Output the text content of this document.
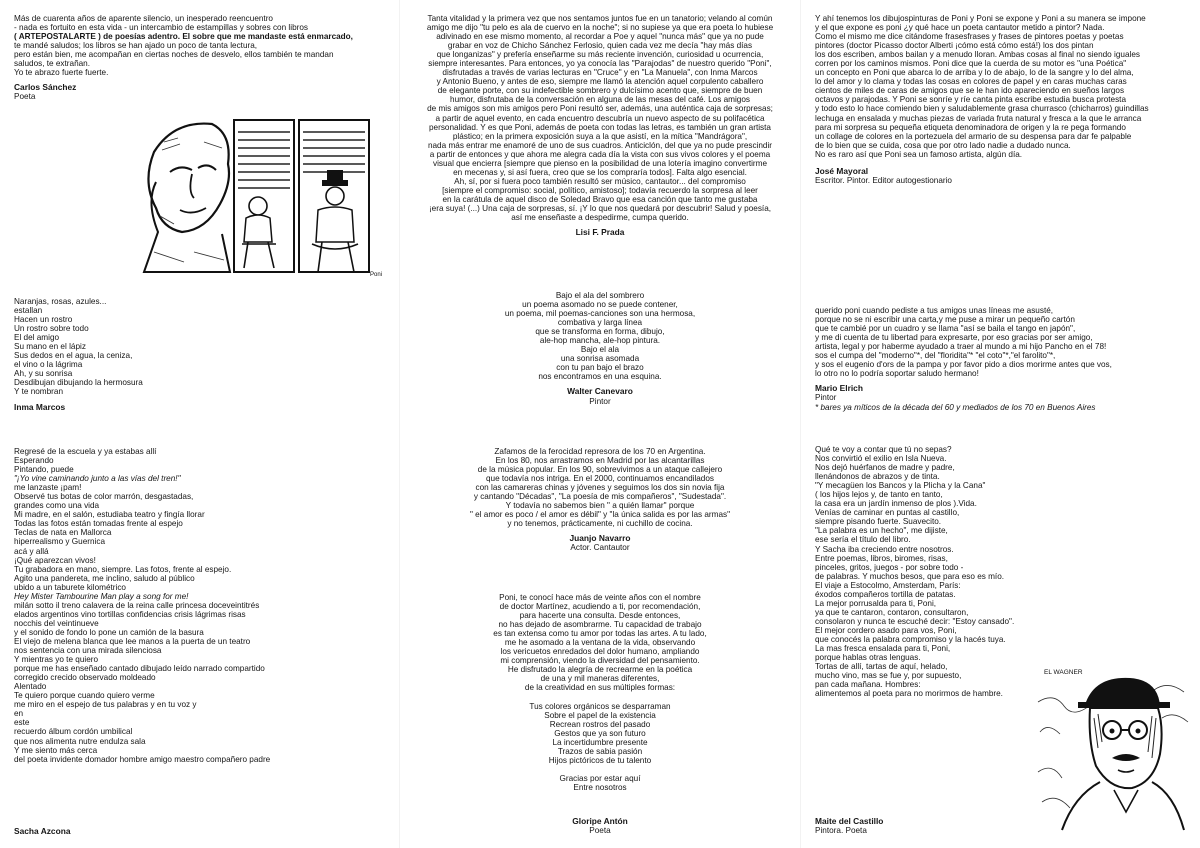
Más de cuarenta años de aparente silencio, un inesperado reencuentro

- nada es fortuito en esta vida - un intercambio de estampillas y sobres con libros

( ARTEPOSTALARTE ) de poesías adentro. El sobre que me mandaste está enmarcado,

te mandé saludos; los libros se han ajado un poco de tanta lectura,

pero están bien, me acompañan en ciertas noches de desvelo, ellos también te mandan

saludos, te extrañan.

Yo te abrazo fuerte fuerte.

Carlos Sánchez

Poeta

Poni

Tanta vitalidad y la primera vez que nos sentamos juntos fue en un tanatorio; velando al común

amigo me dijo "tu pelo es ala de cuervo en la noche"; si no supiese ya que era poeta lo hubiese

adivinado en ese mismo momento, al recordar a Poe y aquel "nunca más" que ya no pude

grabar en voz de Chicho Sánchez Ferlosio, quien cada vez me decía "hay más días

que longanizas" y prefería enseñarme su más reciente invención, curiosidad u ocurrencia,

siempre interesantes. Para entonces, yo ya conocía las "Parajodas" de nuestro querido "Poni",

disfrutadas a través de varias lecturas en "Cruce" y en "La Manuela", con Inma Marcos

y Antonio Bueno, y antes de eso, siempre me llamó la atención aquel corpulento caballero

de elegante porte, con su indefectible sombrero y dulcísimo acento que, siempre de buen

humor, disfrutaba de la conversación en alguna de las mesas del café. Los amigos

de mis amigos son mis amigos pero Poni resultó ser, además, una auténtica caja de sorpresas;

a partir de aquel evento, en cada encuentro descubría un nuevo aspecto de su polifacética

personalidad. Y es que Poni, además de poeta con todas las letras, es también un gran artista

plástico; en la primera exposición suya a la que asistí, en la mítica "Mandrágora",

nada más entrar me enamoré de uno de sus cuadros. Anticiclón, del que ya no pude prescindir

a partir de entonces y que ahora me alegra cada día la vista con sus vivos colores y el poema

visual que encierra [siempre que pienso en la posibilidad de una lotería imagino convertirme

en mecenas y, si así fuera, creo que se los compraría todos]. Falta algo esencial.

Ah, sí, por si fuera poco también resultó ser músico, cantautor... del compromiso

[siempre el compromiso: social, político, amistoso]; todavía recuerdo la sorpresa al leer

en la carátula de aquel disco de Soledad Bravo que esa canción que tanto me gustaba

¡era suya! (...) Una caja de sorpresas, sí. ¡Y lo que nos quedará por descubrir! Salud y poesía,

así me enseñaste a despedirme, cumpa querido.

Lisi F. Prada

Y ahí tenemos los dibujospinturas de Poni y Poni se expone y Poni a su manera se impone

y el que expone es poni ¿y qué hace un poeta cantautor metido a pintor? Nada.

Como el mismo me dice citándome frasesfrases y frases de pintores poetas y poetas

pintores (doctor Picasso doctor Alberti ¡cómo está cómo está!) los dos pintan

los dos escriben, ambos bailan y a menudo lloran. Ambas cosas al final no siendo iguales

corren por los caminos mismos. Poni dice que la cuerda de su motor es "una Poética"

un concepto en Poni que abarca lo de arriba y lo de abajo, lo de la sangre y lo del alma,

lo del amor y lo clama y todas las cosas en colores de papel y en caras muchas caras

cientos de miles de caras de amigos que se le han ido apareciendo en sueños largos

octavos y parajodas. Y Poni se sonríe y ríe canta pinta escribe estudia busca protesta

y todo esto lo hace comiendo bien y saludablemente grasa churrasco (chicharros) guindillas

lechuga en ensalada y muchas piezas de variada fruta natural y fresca a la que le arranca

para mi sorpresa su pequeña etiqueta denominadora de origen y la re pega formando

un collage de colores en la portezuela del armario de su despensa para dar fe palpable

de lo bien que se cuida, cosa que por otro lado nadie a dudado nunca.

No es raro así que Poni sea un famoso artista, algún día.

José Mayoral

Escritor. Pintor. Editor autogestionario

Naranjas, rosas, azules...

estallan

Hacen un rostro

Un rostro sobre todo

El del amigo

Su mano en el lápiz

Sus dedos en el agua, la ceniza,

el vino o la lágrima

Ah, y su sonrisa

Desdibujan dibujando la hermosura

Y te nombran

Inma Marcos

Bajo el ala del sombrero

un poema asomado no se puede contener,

un poema, mil poemas-canciones son una hermosa,

combativa y larga línea

que se transforma en forma, dibujo,

ale-hop mancha, ale-hop pintura.

Bajo el ala

una sonrisa asomada

con tu pan bajo el brazo

nos encontramos en una esquina.

Walter Canevaro

Pintor

querido poni cuando pediste a tus amigos unas líneas me asusté,

porque no se ni escribir una carta,y me puse a mirar un pequeño cartón

que te cambié por un cuadro y se llama "así se baila el tango en japón",

y me di cuenta de tu libertad para expresarte, por eso gracias por ser amigo,

artista, legal y por haberme ayudado a traer al mundo a mi hijo Pancho en el 78!

sos el cumpa del "moderno"*, del "floridita"* "el coto"*,"el farolito"*,

y sos el eugenio d'ors de la pampa y por favor pido a dios morirme antes que vos,

lo otro no lo podría soportar saludo hermano!

Mario Elrich

Pintor

* bares ya míticos de la década del 60 y mediados de los 70 en Buenos Aires

Regresé de la escuela y ya estabas allí

Esperando

Pintando, puede

"¡Yo vine caminando junto a las vías del tren!"

me lanzaste ¡pam!

Observé tus botas de color marrón, desgastadas,

grandes como una vida

Mi madre, en el salón, estudiaba teatro y fingía llorar

Todas las fotos están tomadas frente al espejo

Teclas de nata en Mallorca

hiperrealismo y Guernica

acá y allá

¡Qué aparezcan vivos!

Tu grabadora en mano, siempre. Las fotos, frente al espejo.

Agito una pandereta, me inclino, saludo al público

ubido a un taburete kilométrico

Hey Mister Tambourine Man play a song for me!

milán sotto il treno calavera de la reina calle princesa doceveintitrés

elados argentinos vino tortillas confidencias crisis lágrimas risas

nocchis del veintinueve

y el sonido de fondo lo pone un camión de la basura

El viejo de melena blanca que lee manos a la puerta de un teatro

nos sentencia con una mirada silenciosa

Y mientras yo te quiero

porque me has enseñado cantado dibujado leído narrado compartido

corregido crecido observado moldeado

Alentado

Te quiero porque cuando quiero verme

me miro en el espejo de tus palabras y en tu voz y

en

este

recuerdo álbum cordón umbilical

que nos alimenta nutre endulza sala

Y me siento más cerca

del poeta invidente domador hombre amigo maestro compañero padre

Sacha Azcona

Zafamos de la ferocidad represora de los 70 en Argentina.

En los 80, nos arrastramos en Madrid por las alcantarillas

de la música popular. En los 90, sobrevivimos a un ataque callejero

que todavía nos intriga. En el 2000, continuamos encandilados

con las camareras chinas y jóvenes y seguimos los dos sin novia fija

y cantando "Décadas", "La poesía de mis compañeros", "Sudestada".

Y todavía no sabemos bien " a quién llamar" porque

" el amor es poco / el amor es débil" y "la única salida es por las armas"

y no tenemos, prácticamente, ni cuchillo de cocina.

Juanjo Navarro

Actor. Cantautor

Poni, te conocí hace más de veinte años con el nombre

de doctor Martínez, acudiendo a ti, por recomendación,

para hacerte una consulta. Desde entonces,

no has dejado de asombrarme. Tu capacidad de trabajo

es tan extensa como tu amor por todas las artes. A tu lado,

me he asomado a la ventana de la vida, observando

los vericuetos enredados del dolor humano, ampliando

mi comprensión, viendo la diversidad del pensamiento.

He disfrutado la alegría de recrearme en la poética

de una y mil maneras diferentes,

de la creatividad en sus múltiples formas:

Tus colores orgánicos se desparraman

Sobre el papel de la existencia

Recrean rostros del pasado

Gestos que ya son futuro

La incertidumbre presente

Trazos de sabia pasión

Hijos pictóricos de tu talento

Gracias por estar aquí

Entre nosotros

Gloripe Antón

Poeta

Qué te voy a contar que tú no sepas?

Nos convirtió el exilio en Isla Nueva.

Nos dejó huérfanos de madre y padre,

llenándonos de abrazos y de tinta.

"Y mecagüen los Bancos y la Plicha y la Cana"

( los hijos lejos y, de tanto en tanto,

la casa era un jardín inmenso de plos ).Vida.

Venías de caminar en puntas al castillo,

siempre pisando fuerte. Suavecito.

"La palabra es un hecho", me dijiste,

ese sería el título del libro.

Y Sacha iba creciendo entre nosotros.

Entre poemas, libros, biromes, risas,

pinceles, gritos, juegos - por sobre todo -

de palabras. Y muchos besos, que para eso es mío.

El viaje a Estocolmo, Amsterdam, París:

éxodos compañeros tortilla de patatas.

La mejor porrusalda para ti, Poni,

ya que te cantaron, contaron, consultaron,

consolaron y nunca te escuché decir: "Estoy cansado".

El mejor cordero asado para vos, Poni,

que conocés la palabra compromiso y la hacés tuya.

La mas fresca ensalada para ti, Poni,

porque hablas otras lenguas.

Tortas de allí, tartas de aquí, helado,

mucho vino, mas se fue y, por supuesto,

pan cada mañana. Hombres:

alimentemos al poeta para no morirmos de hambre.

Maite del Castillo

Pintora. Poeta

EL WAGNER
